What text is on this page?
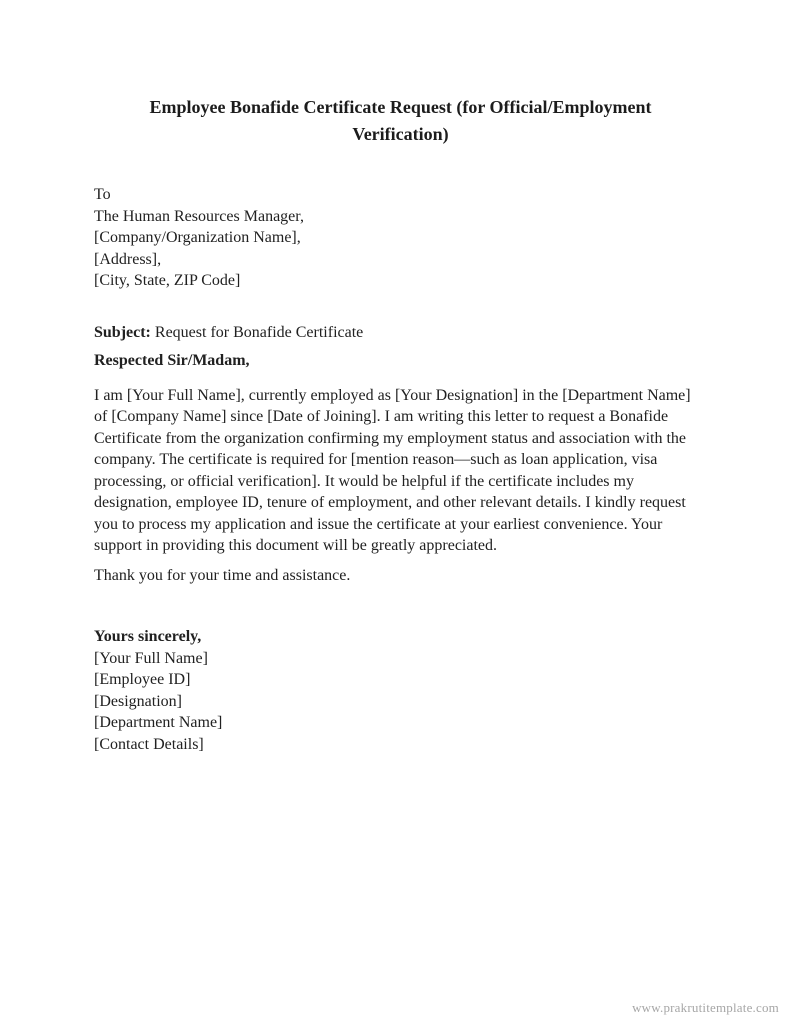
Employee Bonafide Certificate Request (for Official/Employment Verification)
To
The Human Resources Manager,
[Company/Organization Name],
[Address],
[City, State, ZIP Code]

Subject: Request for Bonafide Certificate

Respected Sir/Madam,

I am [Your Full Name], currently employed as [Your Designation] in the [Department Name] of [Company Name] since [Date of Joining]. I am writing this letter to request a Bonafide Certificate from the organization confirming my employment status and association with the company. The certificate is required for [mention reason—such as loan application, visa processing, or official verification]. It would be helpful if the certificate includes my designation, employee ID, tenure of employment, and other relevant details. I kindly request you to process my application and issue the certificate at your earliest convenience. Your support in providing this document will be greatly appreciated.

Thank you for your time and assistance.

Yours sincerely,
[Your Full Name]
[Employee ID]
[Designation]
[Department Name]
[Contact Details]
www.prakrutitemplate.com
